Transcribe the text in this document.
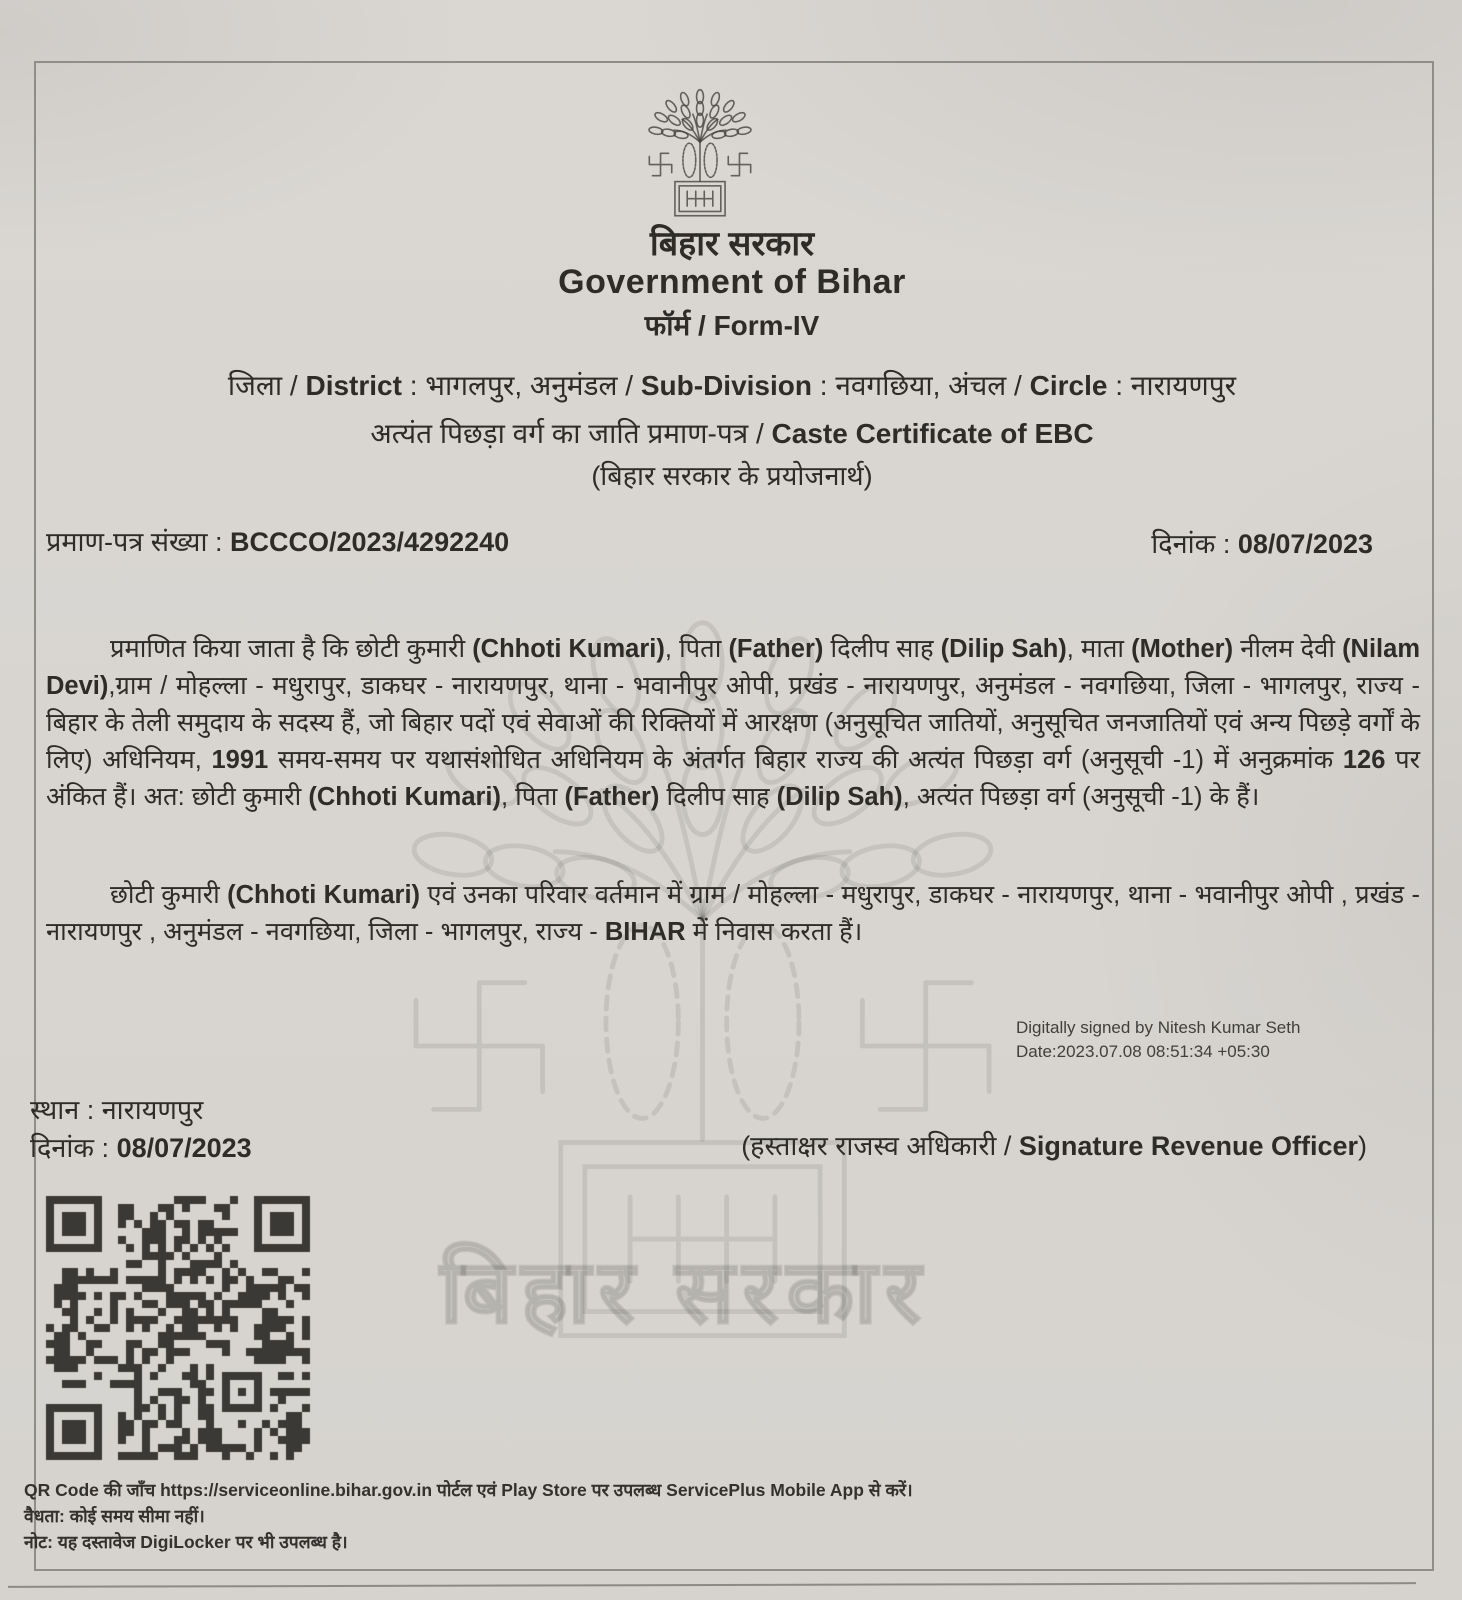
बिहार सरकार
बिहार सरकार
Government of Bihar
फॉर्म / Form-IV
जिला / District : भागलपुर, अनुमंडल / Sub-Division : नवगछिया, अंचल / Circle : नारायणपुर
अत्यंत पिछड़ा वर्ग का जाति प्रमाण-पत्र / Caste Certificate of EBC
(बिहार सरकार के प्रयोजनार्थ)
प्रमाण-पत्र संख्या : BCCCO/2023/4292240	दिनांक : 08/07/2023
प्रमाणित किया जाता है कि छोटी कुमारी (Chhoti Kumari), पिता (Father) दिलीप साह (Dilip Sah), माता (Mother) नीलम देवी (Nilam Devi),ग्राम / मोहल्ला - मधुरापुर, डाकघर - नारायणपुर, थाना - भवानीपुर ओपी, प्रखंड - नारायणपुर, अनुमंडल - नवगछिया, जिला - भागलपुर, राज्य - बिहार के तेली समुदाय के सदस्य हैं, जो बिहार पदों एवं सेवाओं की रिक्तियों में आरक्षण (अनुसूचित जातियों, अनुसूचित जनजातियों एवं अन्य पिछड़े वर्गों के लिए) अधिनियम, 1991 समय-समय पर यथासंशोधित अधिनियम के अंतर्गत बिहार राज्य की अत्यंत पिछड़ा वर्ग (अनुसूची -1) में अनुक्रमांक 126 पर अंकित हैं। अत: छोटी कुमारी (Chhoti Kumari), पिता (Father) दिलीप साह (Dilip Sah), अत्यंत पिछड़ा वर्ग (अनुसूची -1) के हैं।
छोटी कुमारी (Chhoti Kumari) एवं उनका परिवार वर्तमान में ग्राम / मोहल्ला - मधुरापुर, डाकघर - नारायणपुर, थाना - भवानीपुर ओपी , प्रखंड - नारायणपुर , अनुमंडल - नवगछिया, जिला - भागलपुर, राज्य - BIHAR में निवास करता हैं।
Digitally signed by Nitesh Kumar Seth
Date:2023.07.08 08:51:34 +05:30
स्थान : नारायणपुर
दिनांक : 08/07/2023	(हस्ताक्षर राजस्व अधिकारी / Signature Revenue Officer)
QR Code की जाँच https://serviceonline.bihar.gov.in पोर्टल एवं Play Store पर उपलब्ध ServicePlus Mobile App से करें।
वैधता: कोई समय सीमा नहीं।
नोट: यह दस्तावेज DigiLocker पर भी उपलब्ध है।
